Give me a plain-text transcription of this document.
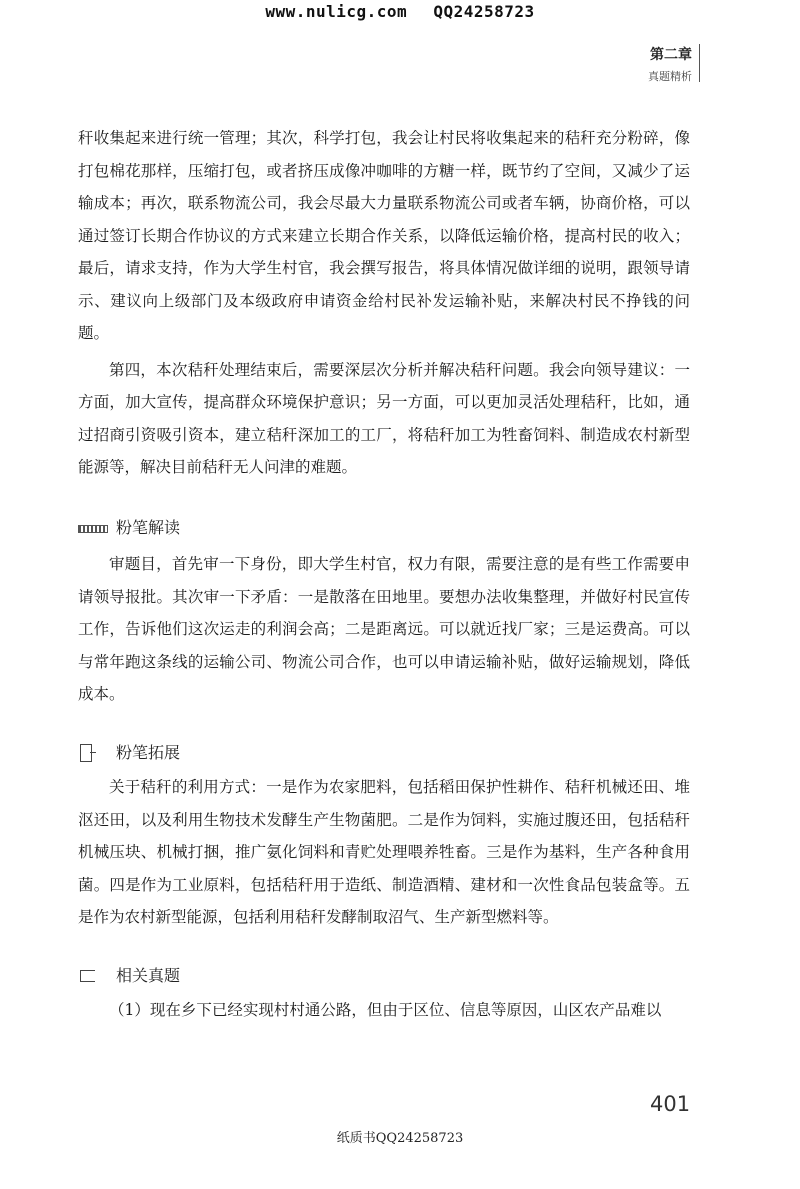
www.nulicg.com QQ24258723
第二章
真题精析

秆收集起来进行统一管理；其次，科学打包，我会让村民将收集起来的秸秆充分粉碎，像打包棉花那样，压缩打包，或者挤压成像冲咖啡的方糖一样，既节约了空间，又减少了运输成本；再次，联系物流公司，我会尽最大力量联系物流公司或者车辆，协商价格，可以通过签订长期合作协议的方式来建立长期合作关系，以降低运输价格，提高村民的收入；最后，请求支持，作为大学生村官，我会撰写报告，将具体情况做详细的说明，跟领导请示、建议向上级部门及本级政府申请资金给村民补发运输补贴，来解决村民不挣钱的问题。

第四，本次秸秆处理结束后，需要深层次分析并解决秸秆问题。我会向领导建议：一方面，加大宣传，提高群众环境保护意识；另一方面，可以更加灵活处理秸秆，比如，通过招商引资吸引资本，建立秸秆深加工的工厂，将秸秆加工为牲畜饲料、制造成农村新型能源等，解决目前秸秆无人问津的难题。

粉笔解读

审题目，首先审一下身份，即大学生村官，权力有限，需要注意的是有些工作需要申请领导报批。其次审一下矛盾：一是散落在田地里。要想办法收集整理，并做好村民宣传工作，告诉他们这次运走的利润会高；二是距离远。可以就近找厂家；三是运费高。可以与常年跑这条线的运输公司、物流公司合作，也可以申请运输补贴，做好运输规划，降低成本。

粉笔拓展

关于秸秆的利用方式：一是作为农家肥料，包括稻田保护性耕作、秸秆机械还田、堆沤还田，以及利用生物技术发酵生产生物菌肥。二是作为饲料，实施过腹还田，包括秸秆机械压块、机械打捆，推广氨化饲料和青贮处理喂养牲畜。三是作为基料，生产各种食用菌。四是作为工业原料，包括秸秆用于造纸、制造酒精、建材和一次性食品包装盒等。五是作为农村新型能源，包括利用秸秆发酵制取沼气、生产新型燃料等。

相关真题

（1）现在乡下已经实现村村通公路，但由于区位、信息等原因，山区农产品难以

401
纸质书QQ24258723
